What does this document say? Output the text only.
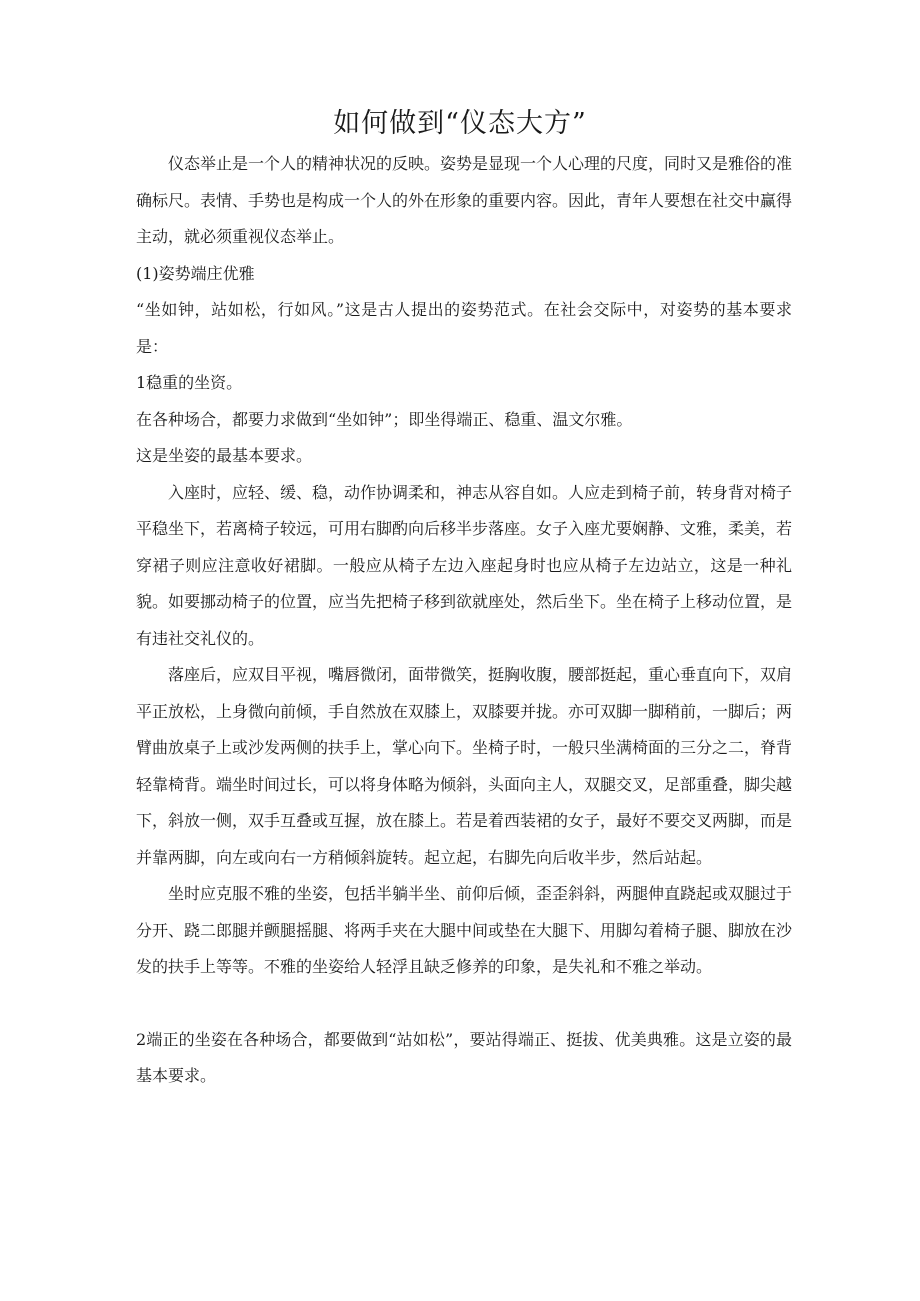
如何做到“仪态大方”

仪态举止是一个人的精神状况的反映。姿势是显现一个人心理的尺度，同时又是雅俗的准确标尺。表情、手势也是构成一个人的外在形象的重要内容。因此，青年人要想在社交中赢得主动，就必须重视仪态举止。

(1)姿势端庄优雅

“坐如钟，站如松，行如风。”这是古人提出的姿势范式。在社会交际中，对姿势的基本要求是：

1稳重的坐资。

在各种场合，都要力求做到“坐如钟”；即坐得端正、稳重、温文尔雅。

这是坐姿的最基本要求。

入座时，应轻、缓、稳，动作协调柔和，神志从容自如。人应走到椅子前，转身背对椅子平稳坐下，若离椅子较远，可用右脚酌向后移半步落座。女子入座尤要娴静、文雅，柔美，若穿裙子则应注意收好裙脚。一般应从椅子左边入座起身时也应从椅子左边站立，这是一种礼貌。如要挪动椅子的位置，应当先把椅子移到欲就座处，然后坐下。坐在椅子上移动位置，是有违社交礼仪的。

落座后，应双目平视，嘴唇微闭，面带微笑，挺胸收腹，腰部挺起，重心垂直向下，双肩平正放松，上身微向前倾，手自然放在双膝上，双膝要并拢。亦可双脚一脚稍前，一脚后；两臂曲放桌子上或沙发两侧的扶手上，掌心向下。坐椅子时，一般只坐满椅面的三分之二，脊背轻靠椅背。端坐时间过长，可以将身体略为倾斜，头面向主人，双腿交叉，足部重叠，脚尖越下，斜放一侧，双手互叠或互握，放在膝上。若是着西装裙的女子，最好不要交叉两脚，而是并靠两脚，向左或向右一方稍倾斜旋转。起立起，右脚先向后收半步，然后站起。

坐时应克服不雅的坐姿，包括半躺半坐、前仰后倾，歪歪斜斜，两腿伸直跷起或双腿过于分开、跷二郎腿并颤腿摇腿、将两手夹在大腿中间或垫在大腿下、用脚勾着椅子腿、脚放在沙发的扶手上等等。不雅的坐姿给人轻浮且缺乏修养的印象，是失礼和不雅之举动。

2端正的坐姿在各种场合，都要做到“站如松”，要站得端正、挺拔、优美典雅。这是立姿的最基本要求。
